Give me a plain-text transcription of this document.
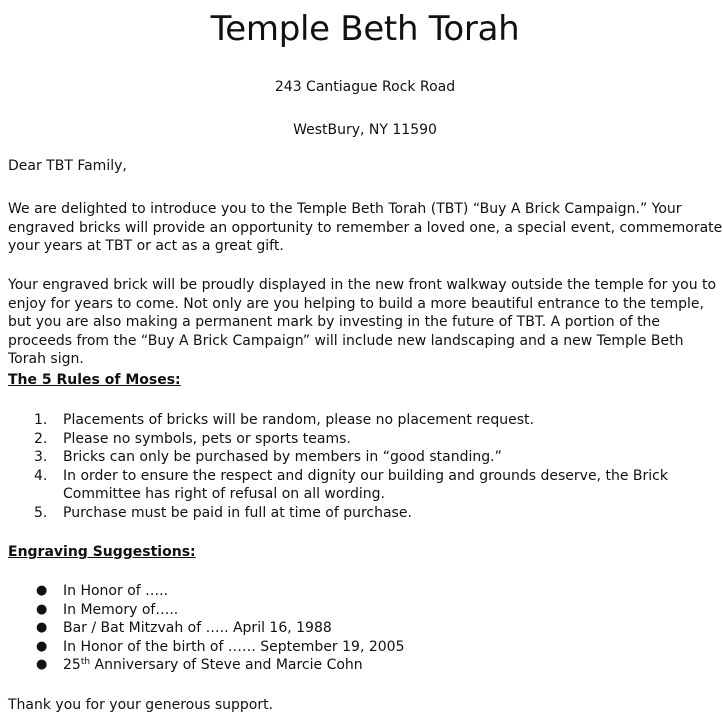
Temple Beth Torah
243 Cantiague Rock Road
WestBury, NY 11590

Dear TBT Family,

We are delighted to introduce you to the Temple Beth Torah (TBT) “Buy A Brick Campaign.” Your engraved bricks will provide an opportunity to remember a loved one, a special event, commemorate your years at TBT or act as a great gift.

Your engraved brick will be proudly displayed in the new front walkway outside the temple for you to enjoy for years to come. Not only are you helping to build a more beautiful entrance to the temple, but you are also making a permanent mark by investing in the future of TBT. A portion of the proceeds from the “Buy A Brick Campaign” will include new landscaping and a new Temple Beth Torah sign.

The 5 Rules of Moses:

1. Placements of bricks will be random, please no placement request.
2. Please no symbols, pets or sports teams.
3. Bricks can only be purchased by members in “good standing.”
4. In order to ensure the respect and dignity our building and grounds deserve, the Brick Committee has right of refusal on all wording.
5. Purchase must be paid in full at time of purchase.

Engraving Suggestions:

● In Honor of …..
● In Memory of…..
● Bar / Bat Mitzvah of ….. April 16, 1988
● In Honor of the birth of …… September 19, 2005
● 25th Anniversary of Steve and Marcie Cohn

Thank you for your generous support.
